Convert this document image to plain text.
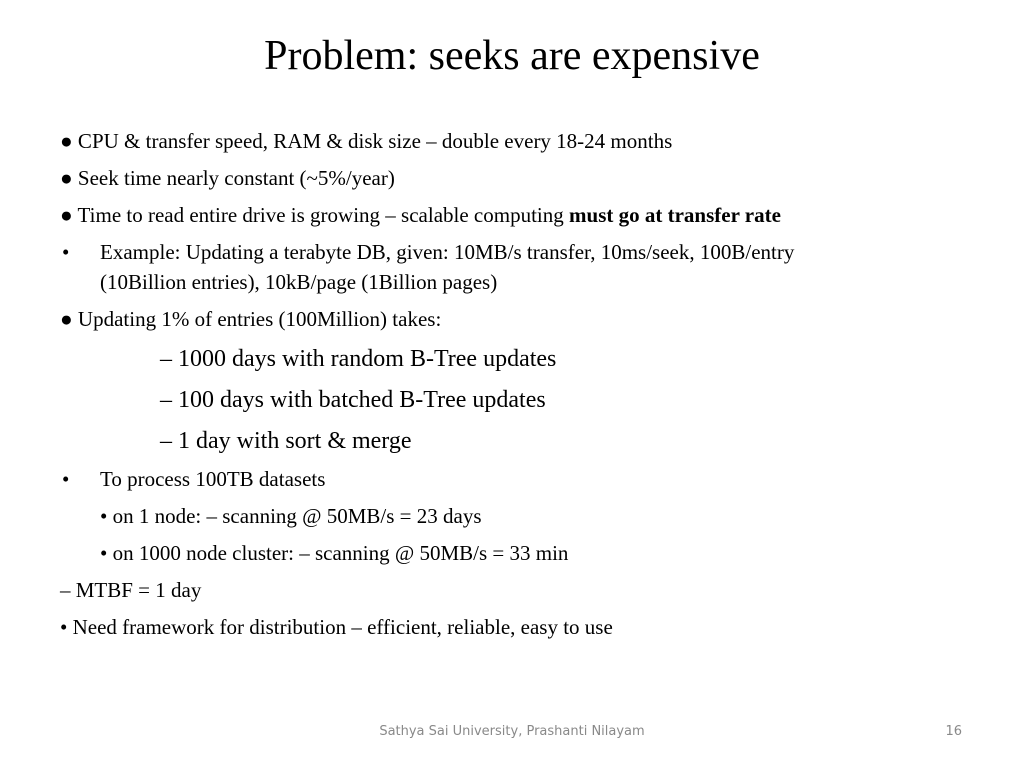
Problem: seeks are expensive
● CPU & transfer speed, RAM & disk size – double every 18-24 months
● Seek time nearly constant (~5%/year)
● Time to read entire drive is growing – scalable computing must go at transfer rate
• Example: Updating a terabyte DB, given: 10MB/s transfer, 10ms/seek, 100B/entry
(10Billion entries), 10kB/page (1Billion pages)
● Updating 1% of entries (100Million) takes:
– 1000 days with random B-Tree updates
– 100 days with batched B-Tree updates
– 1 day with sort & merge
• To process 100TB datasets
• on 1 node: – scanning @ 50MB/s = 23 days
• on 1000 node cluster: – scanning @ 50MB/s = 33 min
– MTBF = 1 day
• Need framework for distribution – efficient, reliable, easy to use
Sathya Sai University, Prashanti Nilayam	16
